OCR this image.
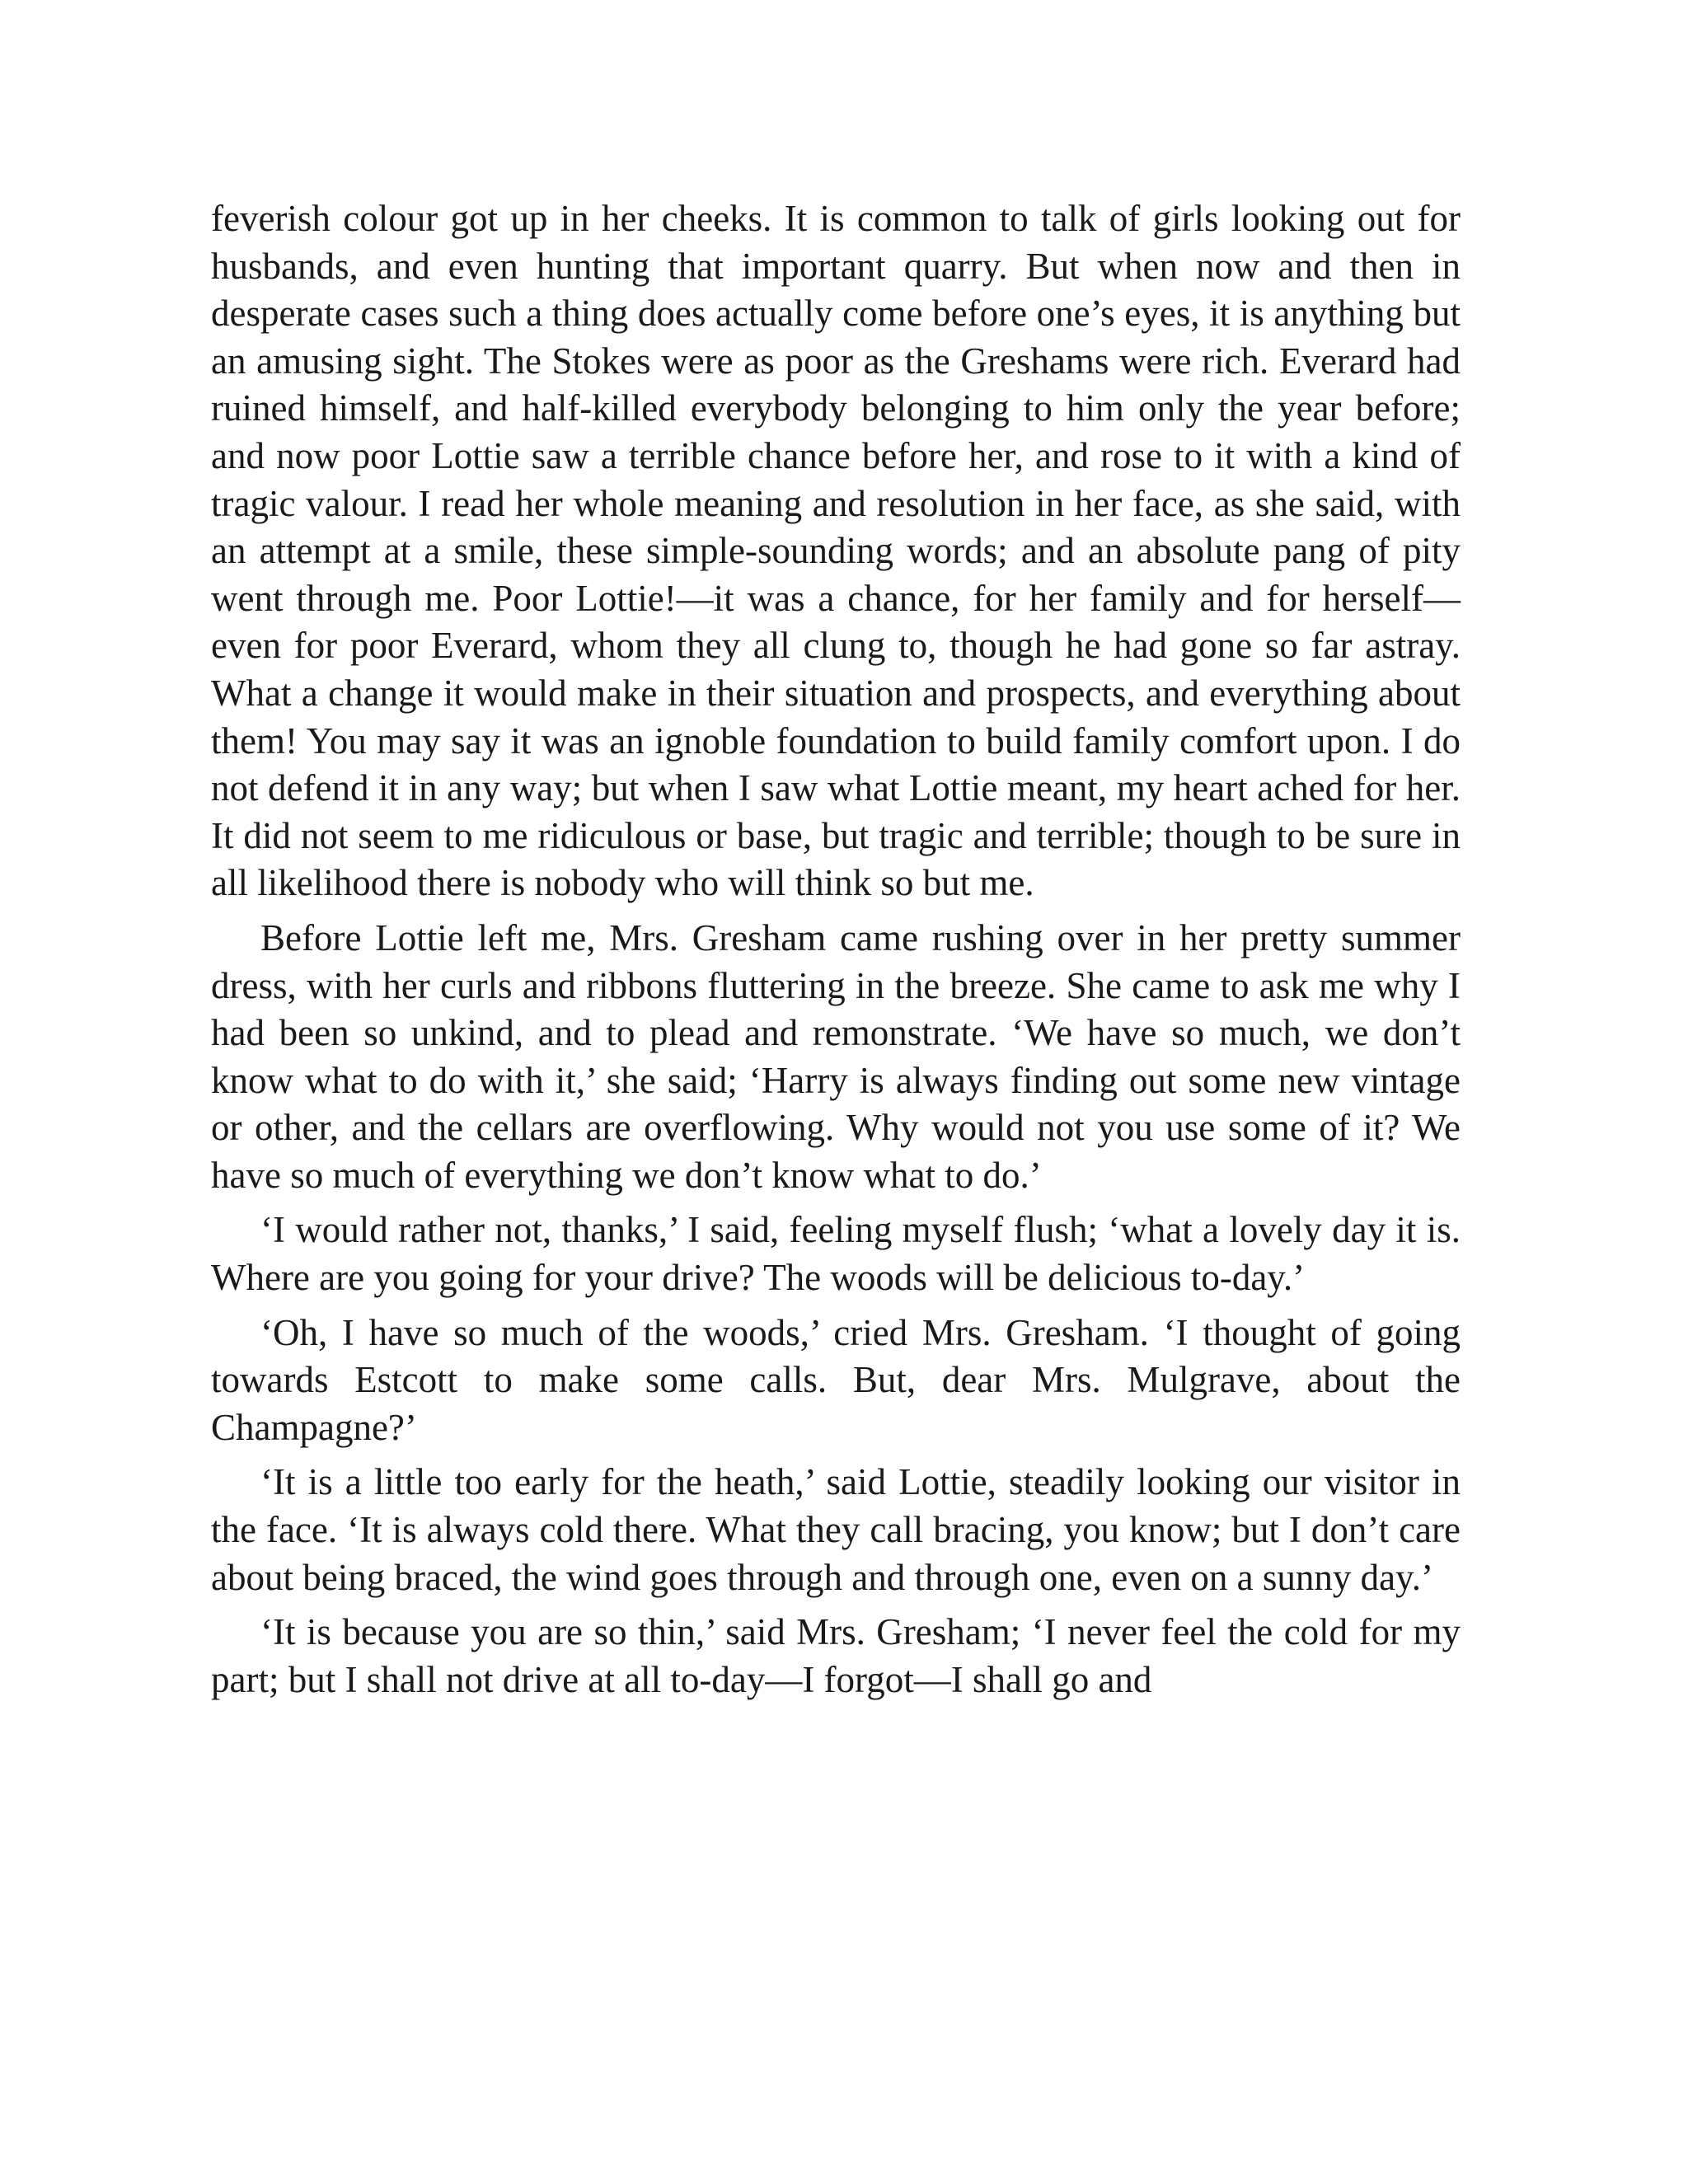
feverish colour got up in her cheeks. It is common to talk of girls looking out for husbands, and even hunting that important quarry. But when now and then in desperate cases such a thing does actually come before one’s eyes, it is anything but an amusing sight. The Stokes were as poor as the Greshams were rich. Everard had ruined himself, and half-killed everybody belonging to him only the year before; and now poor Lottie saw a terrible chance before her, and rose to it with a kind of tragic valour. I read her whole meaning and resolution in her face, as she said, with an attempt at a smile, these simple-sounding words; and an absolute pang of pity went through me. Poor Lottie!—it was a chance, for her family and for herself—even for poor Everard, whom they all clung to, though he had gone so far astray. What a change it would make in their situation and prospects, and everything about them! You may say it was an ignoble foundation to build family comfort upon. I do not defend it in any way; but when I saw what Lottie meant, my heart ached for her. It did not seem to me ridiculous or base, but tragic and terrible; though to be sure in all likelihood there is nobody who will think so but me.

Before Lottie left me, Mrs. Gresham came rushing over in her pretty summer dress, with her curls and ribbons fluttering in the breeze. She came to ask me why I had been so unkind, and to plead and remonstrate. ‘We have so much, we don’t know what to do with it,’ she said; ‘Harry is always finding out some new vintage or other, and the cellars are overflowing. Why would not you use some of it? We have so much of everything we don’t know what to do.’

‘I would rather not, thanks,’ I said, feeling myself flush; ‘what a lovely day it is. Where are you going for your drive? The woods will be delicious to-day.’

‘Oh, I have so much of the woods,’ cried Mrs. Gresham. ‘I thought of going towards Estcott to make some calls. But, dear Mrs. Mulgrave, about the Champagne?’

‘It is a little too early for the heath,’ said Lottie, steadily looking our visitor in the face. ‘It is always cold there. What they call bracing, you know; but I don’t care about being braced, the wind goes through and through one, even on a sunny day.’

‘It is because you are so thin,’ said Mrs. Gresham; ‘I never feel the cold for my part; but I shall not drive at all to-day—I forgot—I shall go and
